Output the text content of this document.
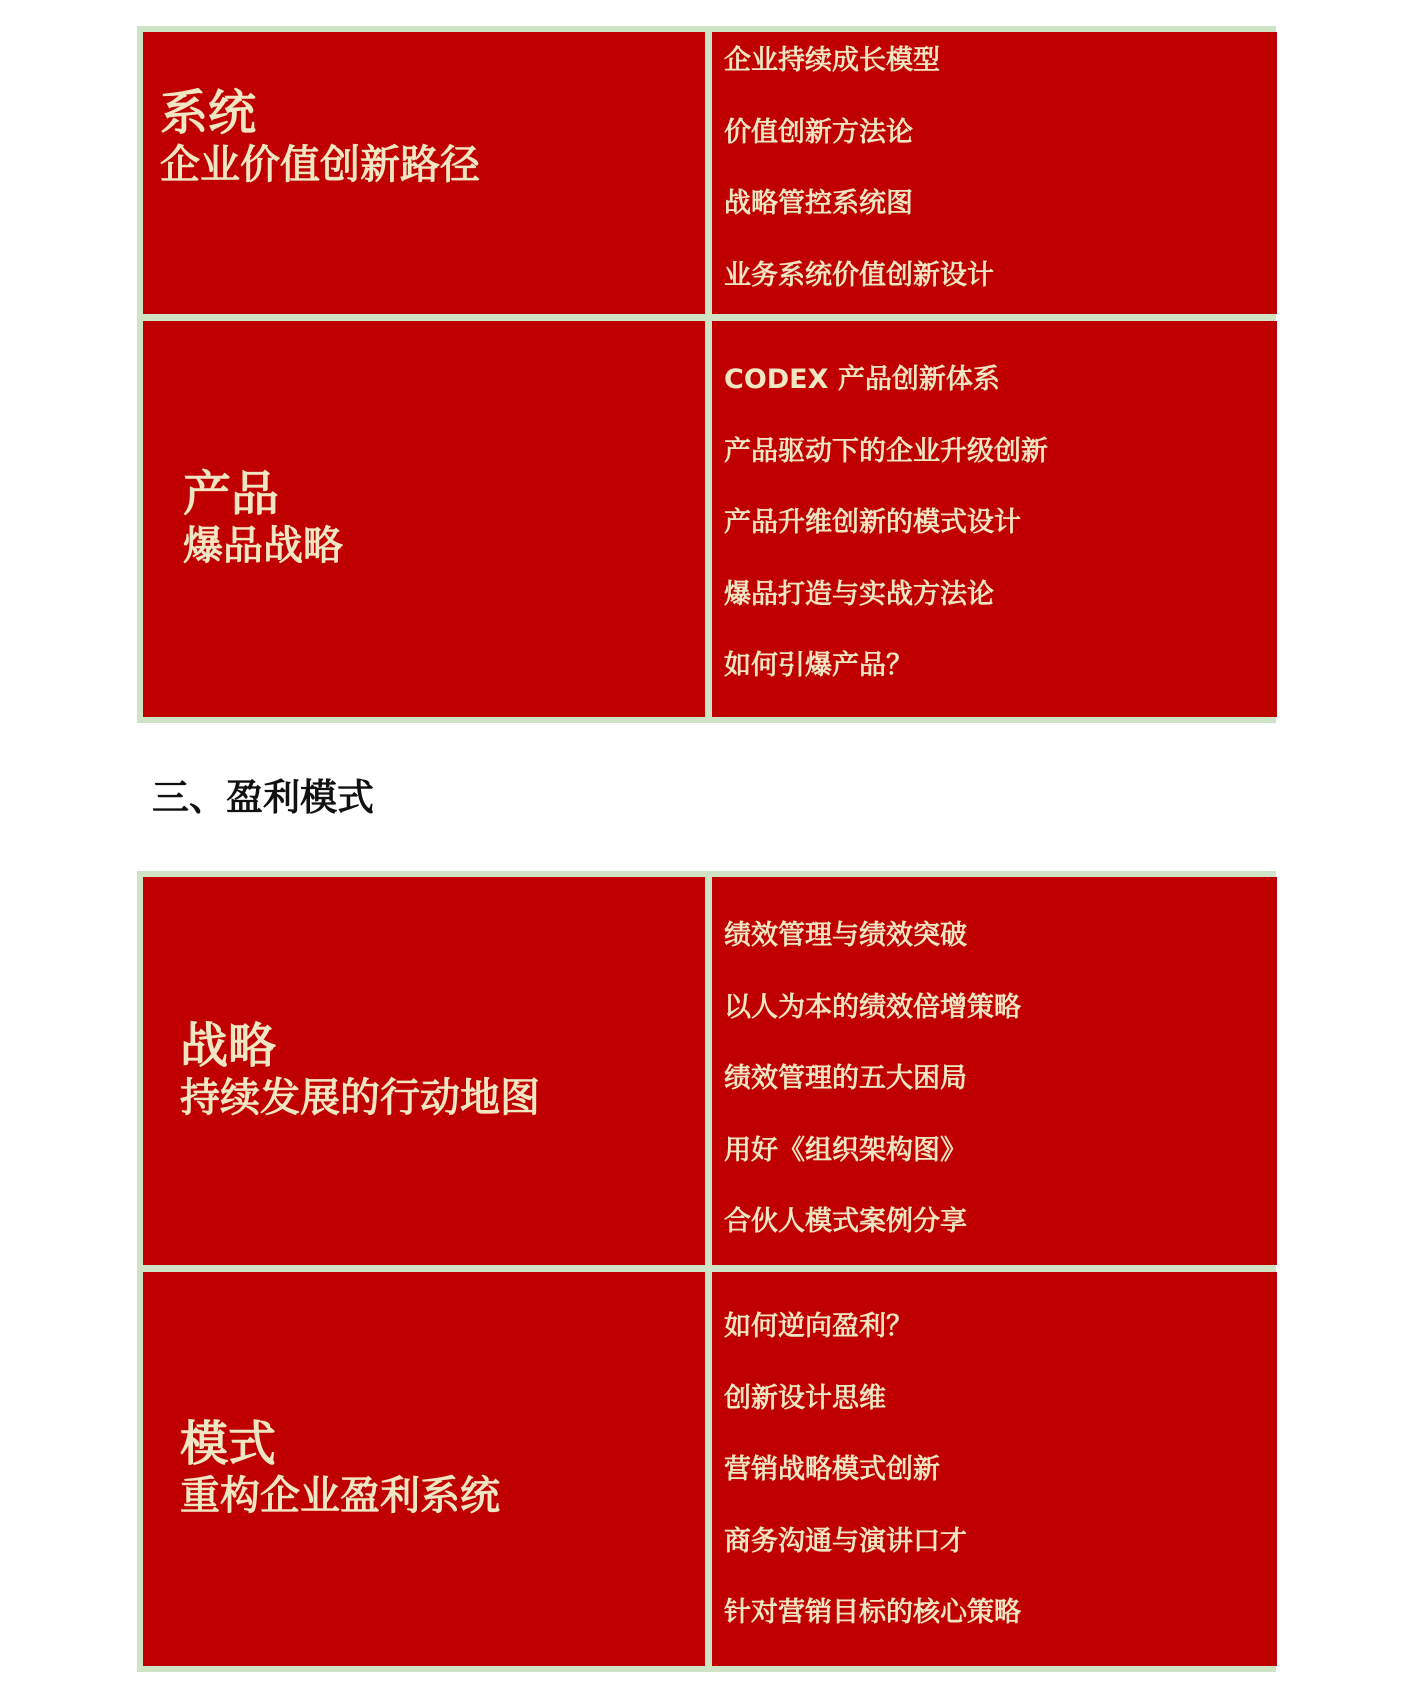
系统
企业价值创新路径
企业持续成长模型
价值创新方法论
战略管控系统图
业务系统价值创新设计
产品
爆品战略
CODEX 产品创新体系
产品驱动下的企业升级创新
产品升维创新的模式设计
爆品打造与实战方法论
如何引爆产品？
三、盈利模式
战略
持续发展的行动地图
绩效管理与绩效突破
以人为本的绩效倍增策略
绩效管理的五大困局
用好《组织架构图》
合伙人模式案例分享
模式
重构企业盈利系统
如何逆向盈利？
创新设计思维
营销战略模式创新
商务沟通与演讲口才
针对营销目标的核心策略
